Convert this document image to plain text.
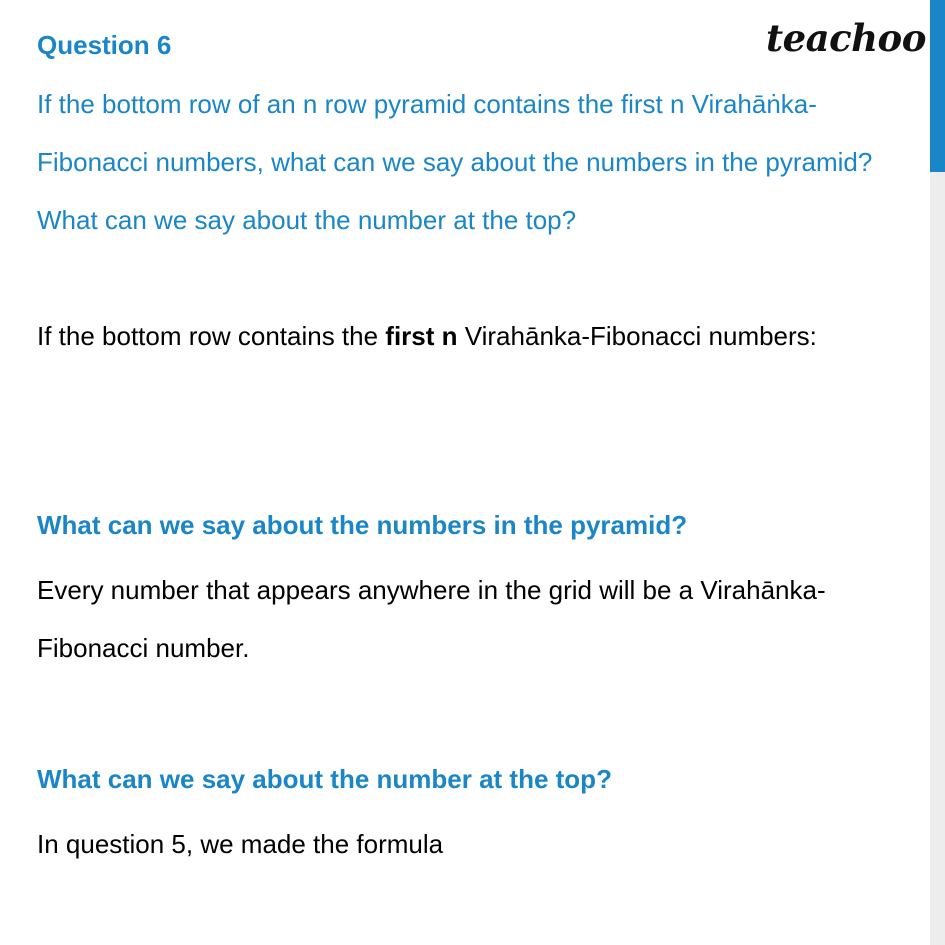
Question 6	teachoo

If the bottom row of an n row pyramid contains the first n Virahāṅka-Fibonacci numbers, what can we say about the numbers in the pyramid? What can we say about the number at the top?

If the bottom row contains the first n Virahānka-Fibonacci numbers:

What can we say about the numbers in the pyramid?

Every number that appears anywhere in the grid will be a Virahānka-Fibonacci number.

What can we say about the number at the top?

In question 5, we made the formula
